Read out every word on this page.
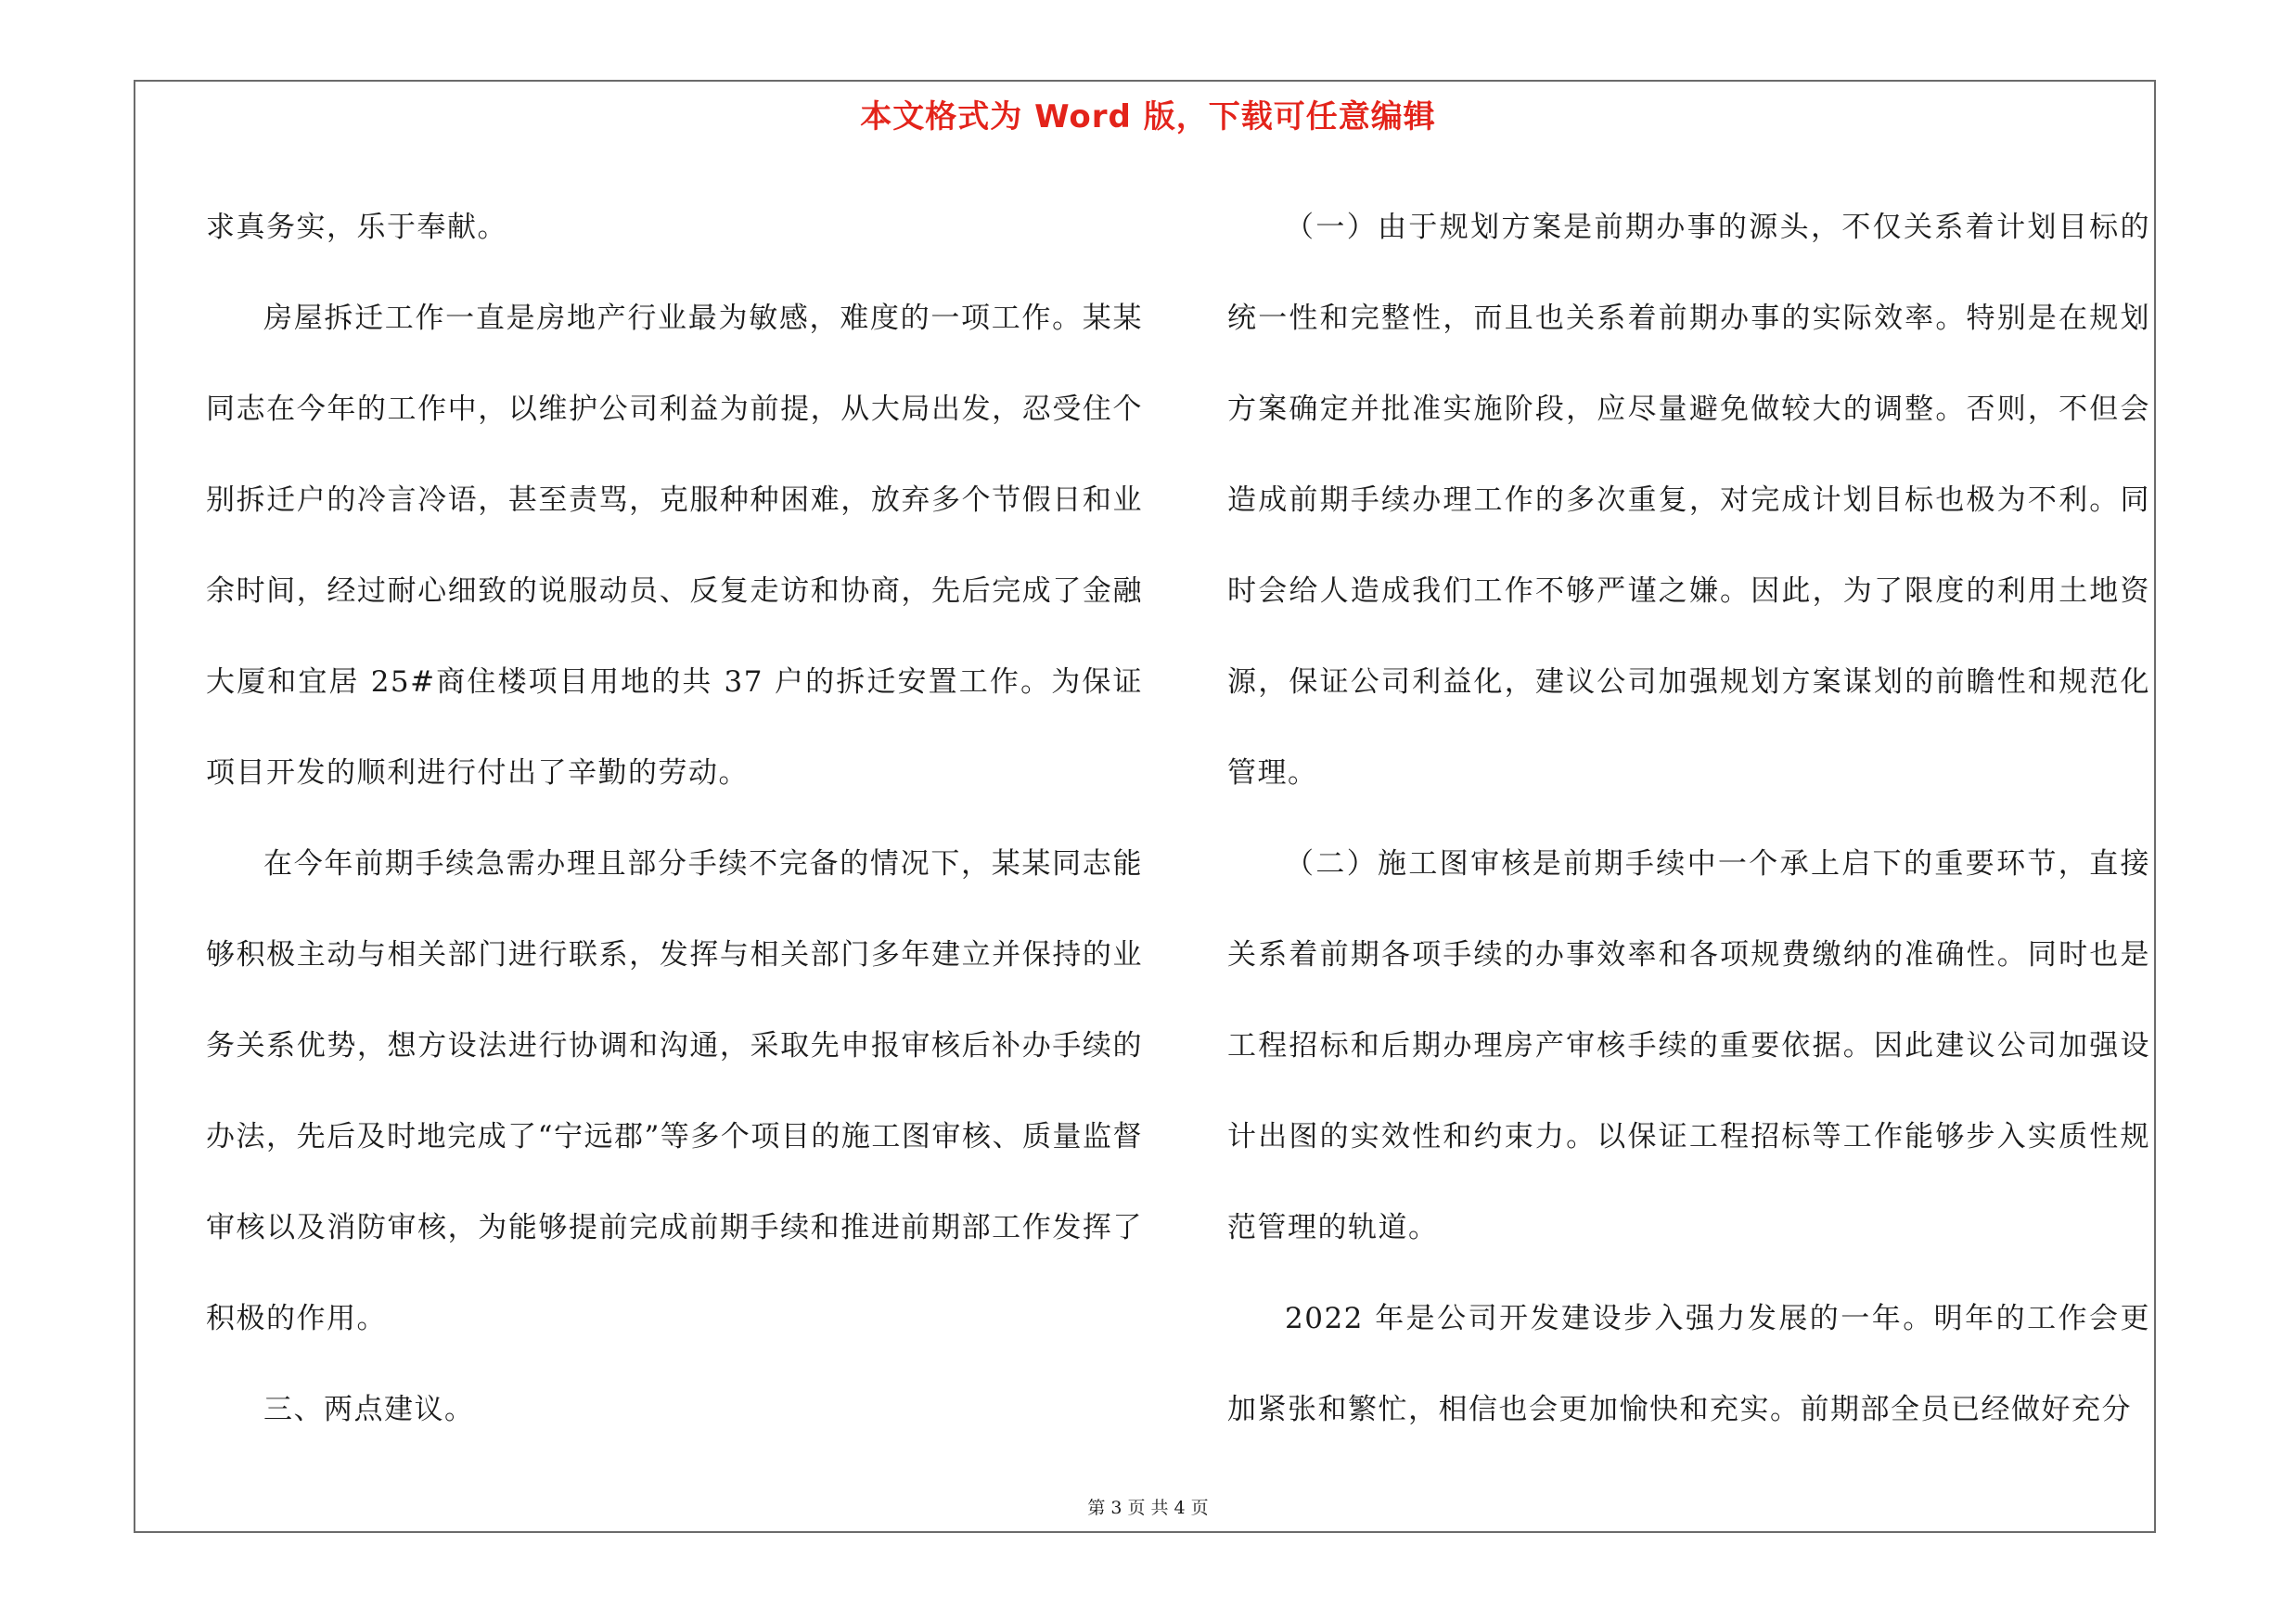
本文格式为 Word 版，下载可任意编辑

求真务实，乐于奉献。

房屋拆迁工作一直是房地产行业最为敏感，难度的一项工作。某某同志在今年的工作中，以维护公司利益为前提，从大局出发，忍受住个别拆迁户的冷言冷语，甚至责骂，克服种种困难，放弃多个节假日和业余时间，经过耐心细致的说服动员、反复走访和协商，先后完成了金融大厦和宜居 25#商住楼项目用地的共 37 户的拆迁安置工作。为保证项目开发的顺利进行付出了辛勤的劳动。

在今年前期手续急需办理且部分手续不完备的情况下，某某同志能够积极主动与相关部门进行联系，发挥与相关部门多年建立并保持的业务关系优势，想方设法进行协调和沟通，采取先申报审核后补办手续的办法，先后及时地完成了“宁远郡”等多个项目的施工图审核、质量监督审核以及消防审核，为能够提前完成前期手续和推进前期部工作发挥了积极的作用。

三、两点建议。

（一）由于规划方案是前期办事的源头，不仅关系着计划目标的统一性和完整性，而且也关系着前期办事的实际效率。特别是在规划方案确定并批准实施阶段，应尽量避免做较大的调整。否则，不但会造成前期手续办理工作的多次重复，对完成计划目标也极为不利。同时会给人造成我们工作不够严谨之嫌。因此，为了限度的利用土地资源，保证公司利益化，建议公司加强规划方案谋划的前瞻性和规范化管理。

（二）施工图审核是前期手续中一个承上启下的重要环节，直接关系着前期各项手续的办事效率和各项规费缴纳的准确性。同时也是工程招标和后期办理房产审核手续的重要依据。因此建议公司加强设计出图的实效性和约束力。以保证工程招标等工作能够步入实质性规范管理的轨道。

2022 年是公司开发建设步入强力发展的一年。明年的工作会更加紧张和繁忙，相信也会更加愉快和充实。前期部全员已经做好充分

第 3 页 共 4 页
